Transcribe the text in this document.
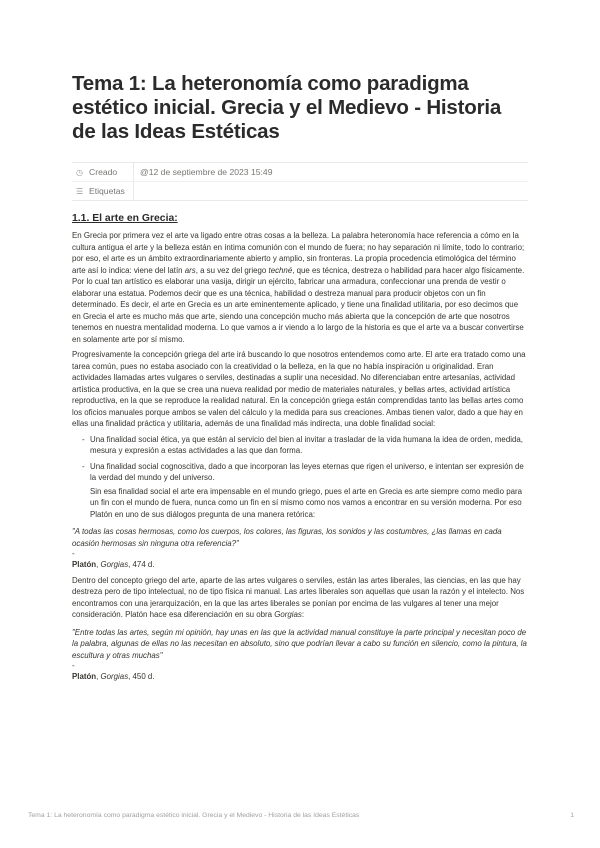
Tema 1: La heteronomía como paradigma estético inicial. Grecia y el Medievo - Historia de las Ideas Estéticas
◷ Creado	@12 de septiembre de 2023 15:49
☰ Etiquetas
1.1. El arte en Grecia:

En Grecia por primera vez el arte va ligado entre otras cosas a la belleza. La palabra heteronomía hace referencia a cómo en la cultura antigua el arte y la belleza están en íntima comunión con el mundo de fuera; no hay separación ni límite, todo lo contrario; por eso, el arte es un ámbito extraordinariamente abierto y amplio, sin fronteras. La propia procedencia etimológica del término arte así lo indica: viene del latín ars, a su vez del griego techné, que es técnica, destreza o habilidad para hacer algo físicamente. Por lo cual tan artístico es elaborar una vasija, dirigir un ejército, fabricar una armadura, confeccionar una prenda de vestir o elaborar una estatua. Podemos decir que es una técnica, habilidad o destreza manual para producir objetos con un fin determinado. Es decir, el arte en Grecia es un arte eminentemente aplicado, y tiene una finalidad utilitaria, por eso decimos que en Grecia el arte es mucho más que arte, siendo una concepción mucho más abierta que la concepción de arte que nosotros tenemos en nuestra mentalidad moderna. Lo que vamos a ir viendo a lo largo de la historia es que el arte va a buscar convertirse en solamente arte por sí mismo.

Progresivamente la concepción griega del arte irá buscando lo que nosotros entendemos como arte. El arte era tratado como una tarea común, pues no estaba asociado con la creatividad o la belleza, en la que no había inspiración u originalidad. Eran actividades llamadas artes vulgares o serviles, destinadas a suplir una necesidad. No diferenciaban entre artesanías, actividad artística productiva, en la que se crea una nueva realidad por medio de materiales naturales, y bellas artes, actividad artística reproductiva, en la que se reproduce la realidad natural. En la concepción griega están comprendidas tanto las bellas artes como los oficios manuales porque ambos se valen del cálculo y la medida para sus creaciones. Ambas tienen valor, dado a que hay en ellas una finalidad práctica y utilitaria, además de una finalidad más indirecta, una doble finalidad social:

- Una finalidad social ética, ya que están al servicio del bien al invitar a trasladar de la vida humana la idea de orden, medida, mesura y expresión a estas actividades a las que dan forma.
- Una finalidad social cognoscitiva, dado a que incorporan las leyes eternas que rigen el universo, e intentan ser expresión de la verdad del mundo y del universo.
Sin esa finalidad social el arte era impensable en el mundo griego, pues el arte en Grecia es arte siempre como medio para un fin con el mundo de fuera, nunca como un fin en sí mismo como nos vamos a encontrar en su versión moderna. Por eso
Platón en uno de sus diálogos pregunta de una manera retórica:
"A todas las cosas hermosas, como los cuerpos, los colores, las figuras, los sonidos y las costumbres, ¿las llamas en cada ocasión hermosas sin ninguna otra referencia?"
-
Platón, Gorgias, 474 d.

Dentro del concepto griego del arte, aparte de las artes vulgares o serviles, están las artes liberales, las ciencias, en las que hay destreza pero de tipo intelectual, no de tipo física ni manual. Las artes liberales son aquellas que usan la razón y el intelecto. Nos encontramos con una jerarquización, en la que las artes liberales se ponían por encima de las vulgares al tener una mejor consideración. Platón hace esa diferenciación en su obra Gorgias:

"Entre todas las artes, según mi opinión, hay unas en las que la actividad manual constituye la parte principal y necesitan poco de la palabra, algunas de ellas no las necesitan en absoluto, sino que podrían llevar a cabo su función en silencio, como la pintura, la escultura y otras muchas"
-
Platón, Gorgias, 450 d.
Tema 1: La heteronomía como paradigma estético inicial. Grecia y el Medievo - Historia de las Ideas Estéticas	1
